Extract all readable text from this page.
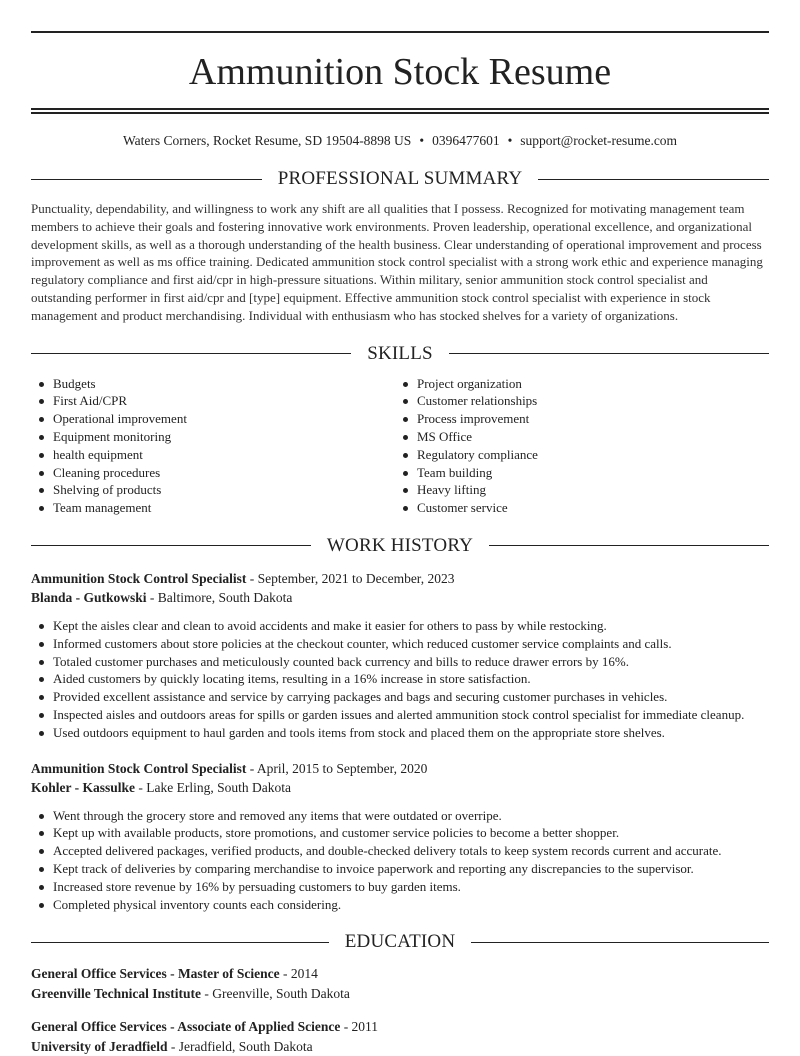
Ammunition Stock Resume
Waters Corners, Rocket Resume, SD 19504-8898 US • 0396477601 • support@rocket-resume.com
PROFESSIONAL SUMMARY

Punctuality, dependability, and willingness to work any shift are all qualities that I possess. Recognized for motivating management team members to achieve their goals and fostering innovative work environments. Proven leadership, operational excellence, and organizational development skills, as well as a thorough understanding of the health business. Clear understanding of operational improvement and process improvement as well as ms office training. Dedicated ammunition stock control specialist with a strong work ethic and experience managing regulatory compliance and first aid/cpr in high-pressure situations. Within military, senior ammunition stock control specialist and outstanding performer in first aid/cpr and [type] equipment. Effective ammunition stock control specialist with experience in stock management and product merchandising. Individual with enthusiasm who has stocked shelves for a variety of organizations.

SKILLS
Budgets
First Aid/CPR
Operational improvement
Equipment monitoring
health equipment
Cleaning procedures
Shelving of products
Team management
Project organization
Customer relationships
Process improvement
MS Office
Regulatory compliance
Team building
Heavy lifting
Customer service
WORK HISTORY
Ammunition Stock Control Specialist - September, 2021 to December, 2023
Blanda - Gutkowski - Baltimore, South Dakota
Kept the aisles clear and clean to avoid accidents and make it easier for others to pass by while restocking.
Informed customers about store policies at the checkout counter, which reduced customer service complaints and calls.
Totaled customer purchases and meticulously counted back currency and bills to reduce drawer errors by 16%.
Aided customers by quickly locating items, resulting in a 16% increase in store satisfaction.
Provided excellent assistance and service by carrying packages and bags and securing customer purchases in vehicles.
Inspected aisles and outdoors areas for spills or garden issues and alerted ammunition stock control specialist for immediate cleanup.
Used outdoors equipment to haul garden and tools items from stock and placed them on the appropriate store shelves.
Ammunition Stock Control Specialist - April, 2015 to September, 2020
Kohler - Kassulke - Lake Erling, South Dakota
Went through the grocery store and removed any items that were outdated or overripe.
Kept up with available products, store promotions, and customer service policies to become a better shopper.
Accepted delivered packages, verified products, and double-checked delivery totals to keep system records current and accurate.
Kept track of deliveries by comparing merchandise to invoice paperwork and reporting any discrepancies to the supervisor.
Increased store revenue by 16% by persuading customers to buy garden items.
Completed physical inventory counts each considering.
EDUCATION
General Office Services - Master of Science - 2014
Greenville Technical Institute - Greenville, South Dakota
General Office Services - Associate of Applied Science - 2011
University of Jeradfield - Jeradfield, South Dakota
